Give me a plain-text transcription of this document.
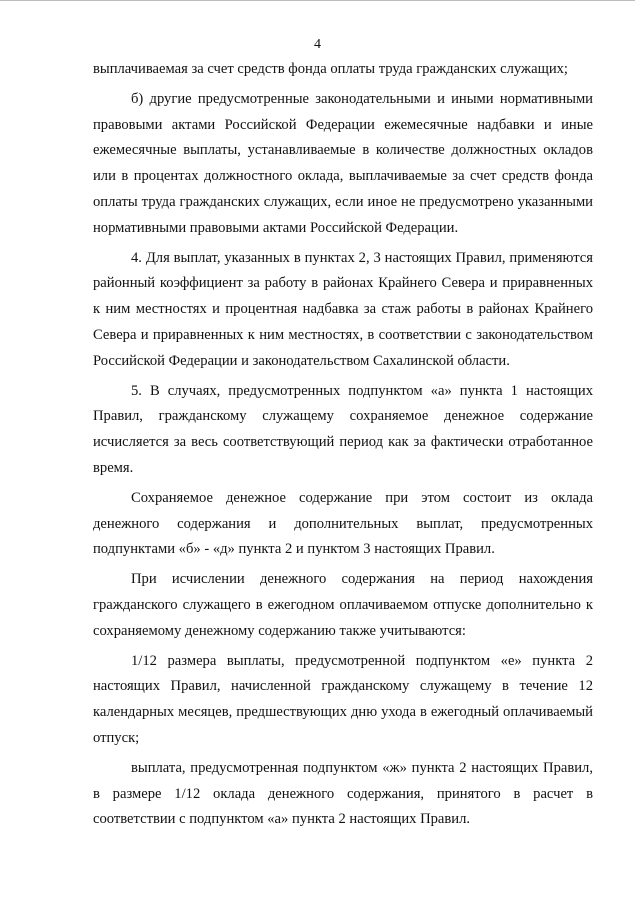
4

выплачиваемая за счет средств фонда оплаты труда гражданских служащих;

б) другие предусмотренные законодательными и иными нормативными правовыми актами Российской Федерации ежемесячные надбавки и иные ежемесячные выплаты, устанавливаемые в количестве должностных окладов или в процентах должностного оклада, выплачиваемые за счет средств фонда оплаты труда гражданских служащих, если иное не предусмотрено указанными нормативными правовыми актами Российской Федерации.

4. Для выплат, указанных в пунктах 2, 3 настоящих Правил, применяются районный коэффициент за работу в районах Крайнего Севера и приравненных к ним местностях и процентная надбавка за стаж работы в районах Крайнего Севера и приравненных к ним местностях, в соответствии с законодательством Российской Федерации и законодательством Сахалинской области.

5. В случаях, предусмотренных подпунктом «а» пункта 1 настоящих Правил, гражданскому служащему сохраняемое денежное содержание исчисляется за весь соответствующий период как за фактически отработанное время.

Сохраняемое денежное содержание при этом состоит из оклада денежного содержания и дополнительных выплат, предусмотренных подпунктами «б» - «д» пункта 2 и пунктом 3 настоящих Правил.

При исчислении денежного содержания на период нахождения гражданского служащего в ежегодном оплачиваемом отпуске дополнительно к сохраняемому денежному содержанию также учитываются:

1/12 размера выплаты, предусмотренной подпунктом «е» пункта 2 настоящих Правил, начисленной гражданскому служащему в течение 12 календарных месяцев, предшествующих дню ухода в ежегодный оплачиваемый отпуск;

выплата, предусмотренная подпунктом «ж» пункта 2 настоящих Правил, в размере 1/12 оклада денежного содержания, принятого в расчет в соответствии с подпунктом «а» пункта 2 настоящих Правил.
